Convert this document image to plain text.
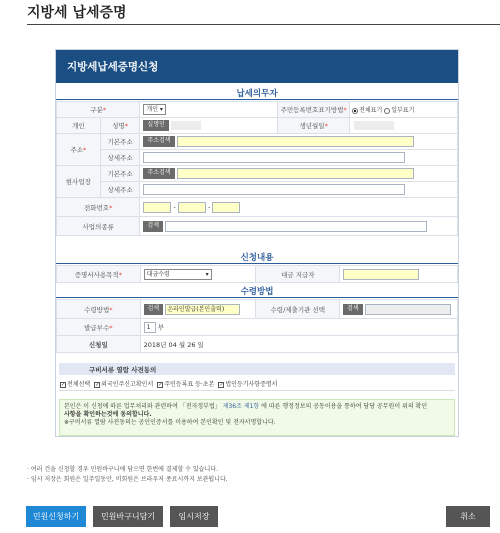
지방세 납세증명
지방세납세증명신청
납세의무자
구분*		개인 ▾	주민등록번호표기방법*	전체표기 일부표기
개인	성명*	실명인	생년월일*	
주소*	기본주소	주소검색		
	상세주소			
현사업장	기본주소	주소검색		
	상세주소			
전화번호*		- -		
사업의종류		검색		
신청내용
증명서사용목적*	대금수령	▾	대금 지급자	
수령방법
수령방법*	검색 온라인발급(본인출력)	수령/제출기관 선택	검색
발급부수*	1 부		
신청일	2018년 04 월 26 일		
구비서류 열람 사전동의
✓ 전체선택 ✓ 외국인주신고확인서 ✓ 주민등록표 등·초본 ✓ 법인등기사항증명서
본인은 이 신청에 따른 업무처리와 관련하여 「전자정부법」 제36조 제1항 에 따른 행정정보의 공동이용을 통하여 담당 공무원이 위의 확인
사항을 확인하는것에 동의합니다.
※구비서류 열람 사전동의는 공인인증서를 이용하여 본인확인 및 전자서명합니다.
· 여러 건을 신청할 경우 민원바구니에 담으면 한번에 결제할 수 있습니다.
· 임시 저장은 회원은 일주일동안, 비회원은 브라우저 종료시까지 보관됩니다.
민원신청하기	민원바구니담기	임시저장	취소
